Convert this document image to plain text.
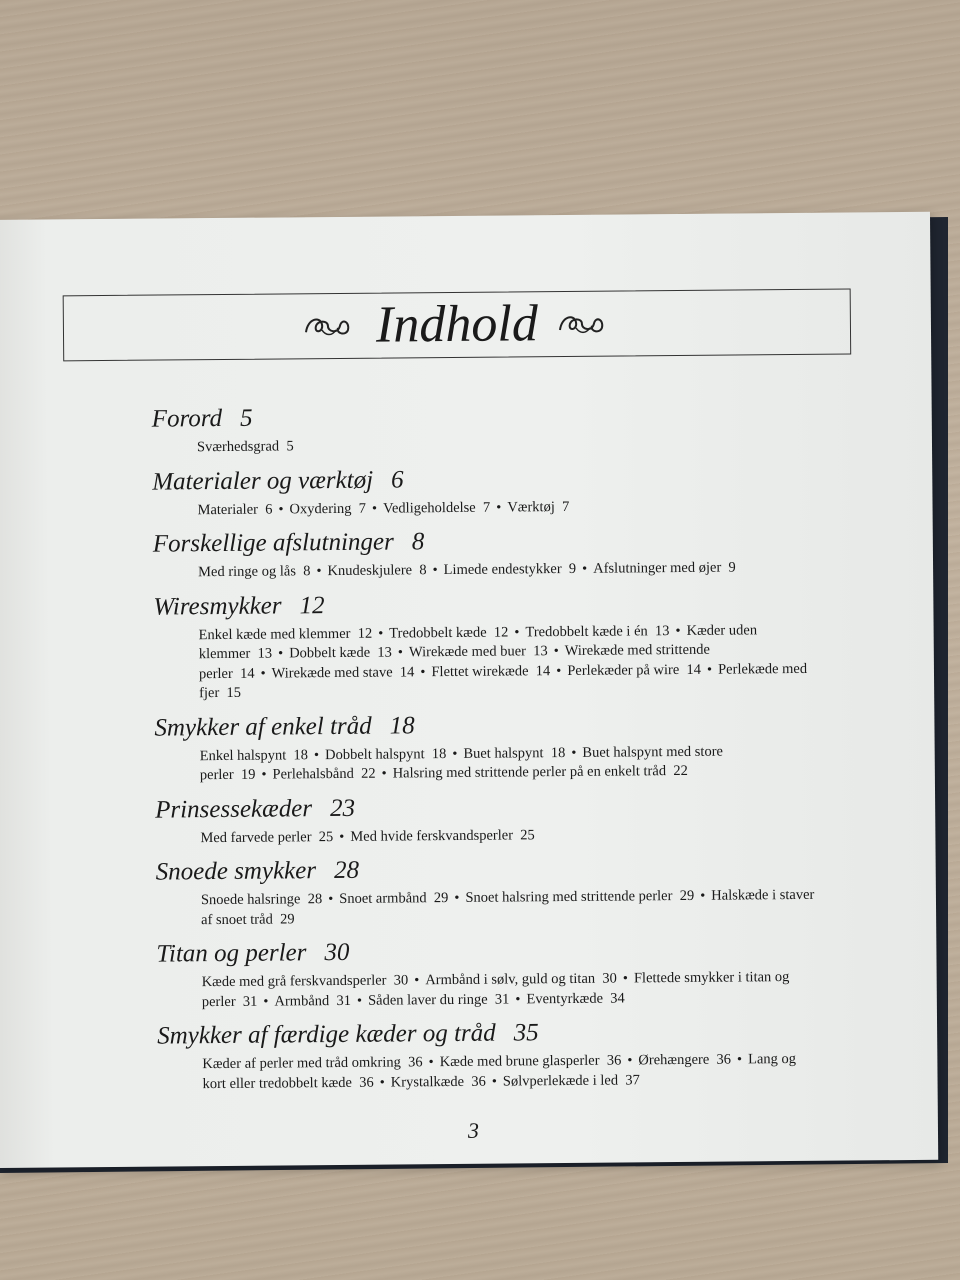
Indhold

Forord 5

Sværhedsgrad 5

Materialer og værktøj 6

Materialer 6 • Oxydering 7 • Vedligeholdelse 7 • Værktøj 7

Forskellige afslutninger 8

Med ringe og lås 8 • Knudeskjulere 8 • Limede endestykker 9 • Afslutninger med øjer 9

Wiresmykker 12

Enkel kæde med klemmer 12 • Tredobbelt kæde 12 • Tredobbelt kæde i én 13 • Kæder uden klemmer 13 • Dobbelt kæde 13 • Wirekæde med buer 13 • Wirekæde med strittende perler 14 • Wirekæde med stave 14 • Flettet wirekæde 14 • Perlekæder på wire 14 • Perlekæde med fjer 15

Smykker af enkel tråd 18

Enkel halspynt 18 • Dobbelt halspynt 18 • Buet halspynt 18 • Buet halspynt med store perler 19 • Perlehalsbånd 22 • Halsring med strittende perler på en enkelt tråd 22

Prinsessekæder 23

Med farvede perler 25 • Med hvide ferskvandsperler 25

Snoede smykker 28

Snoede halsringe 28 • Snoet armbånd 29 • Snoet halsring med strittende perler 29 • Halskæde i staver af snoet tråd 29

Titan og perler 30

Kæde med grå ferskvandsperler 30 • Armbånd i sølv, guld og titan 30 • Flettede smykker i titan og perler 31 • Armbånd 31 • Såden laver du ringe 31 • Eventyrkæde 34

Smykker af færdige kæder og tråd 35

Kæder af perler med tråd omkring 36 • Kæde med brune glasperler 36 • Ørehængere 36 • Lang og kort eller tredobbelt kæde 36 • Krystalkæde 36 • Sølvperlekæde i led 37

3
